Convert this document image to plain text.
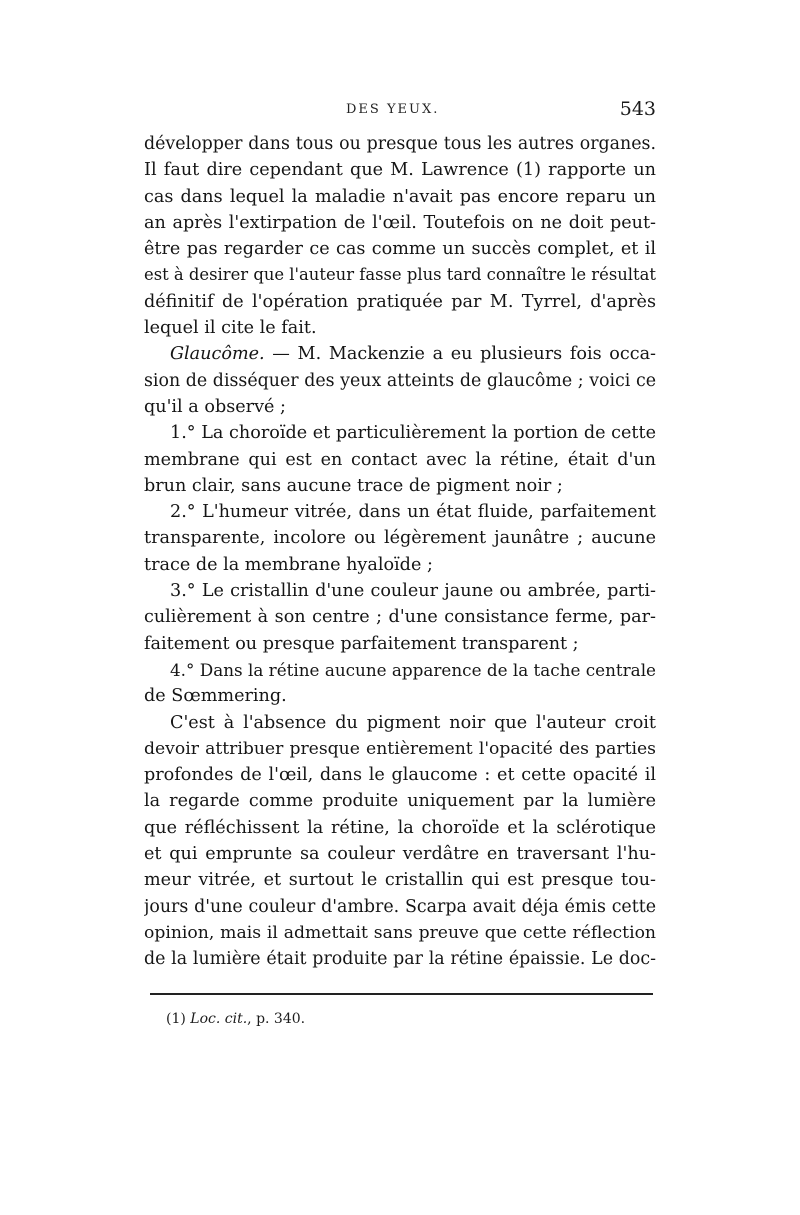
DES YEUX.	543
développer dans tous ou presque tous les autres organes.
Il faut dire cependant que M. Lawrence (1) rapporte un
cas dans lequel la maladie n'avait pas encore reparu un
an après l'extirpation de l'œil. Toutefois on ne doit peut-
être pas regarder ce cas comme un succès complet, et il
est à desirer que l'auteur fasse plus tard connaître le résultat
définitif de l'opération pratiquée par M. Tyrrel, d'après
lequel il cite le fait.
Glaucôme. — M. Mackenzie a eu plusieurs fois occa-
sion de disséquer des yeux atteints de glaucôme ; voici ce
qu'il a observé ;
1.° La choroïde et particulièrement la portion de cette
membrane qui est en contact avec la rétine, était d'un
brun clair, sans aucune trace de pigment noir ;
2.° L'humeur vitrée, dans un état fluide, parfaitement
transparente, incolore ou légèrement jaunâtre ; aucune
trace de la membrane hyaloïde ;
3.° Le cristallin d'une couleur jaune ou ambrée, parti-
culièrement à son centre ; d'une consistance ferme, par-
faitement ou presque parfaitement transparent ;
4.° Dans la rétine aucune apparence de la tache centrale
de Sœmmering.
C'est à l'absence du pigment noir que l'auteur croit
devoir attribuer presque entièrement l'opacité des parties
profondes de l'œil, dans le glaucome : et cette opacité il
la regarde comme produite uniquement par la lumière
que réfléchissent la rétine, la choroïde et la sclérotique
et qui emprunte sa couleur verdâtre en traversant l'hu-
meur vitrée, et surtout le cristallin qui est presque tou-
jours d'une couleur d'ambre. Scarpa avait déja émis cette
opinion, mais il admettait sans preuve que cette réflection
de la lumière était produite par la rétine épaissie. Le doc-
(1) Loc. cit., p. 340.
